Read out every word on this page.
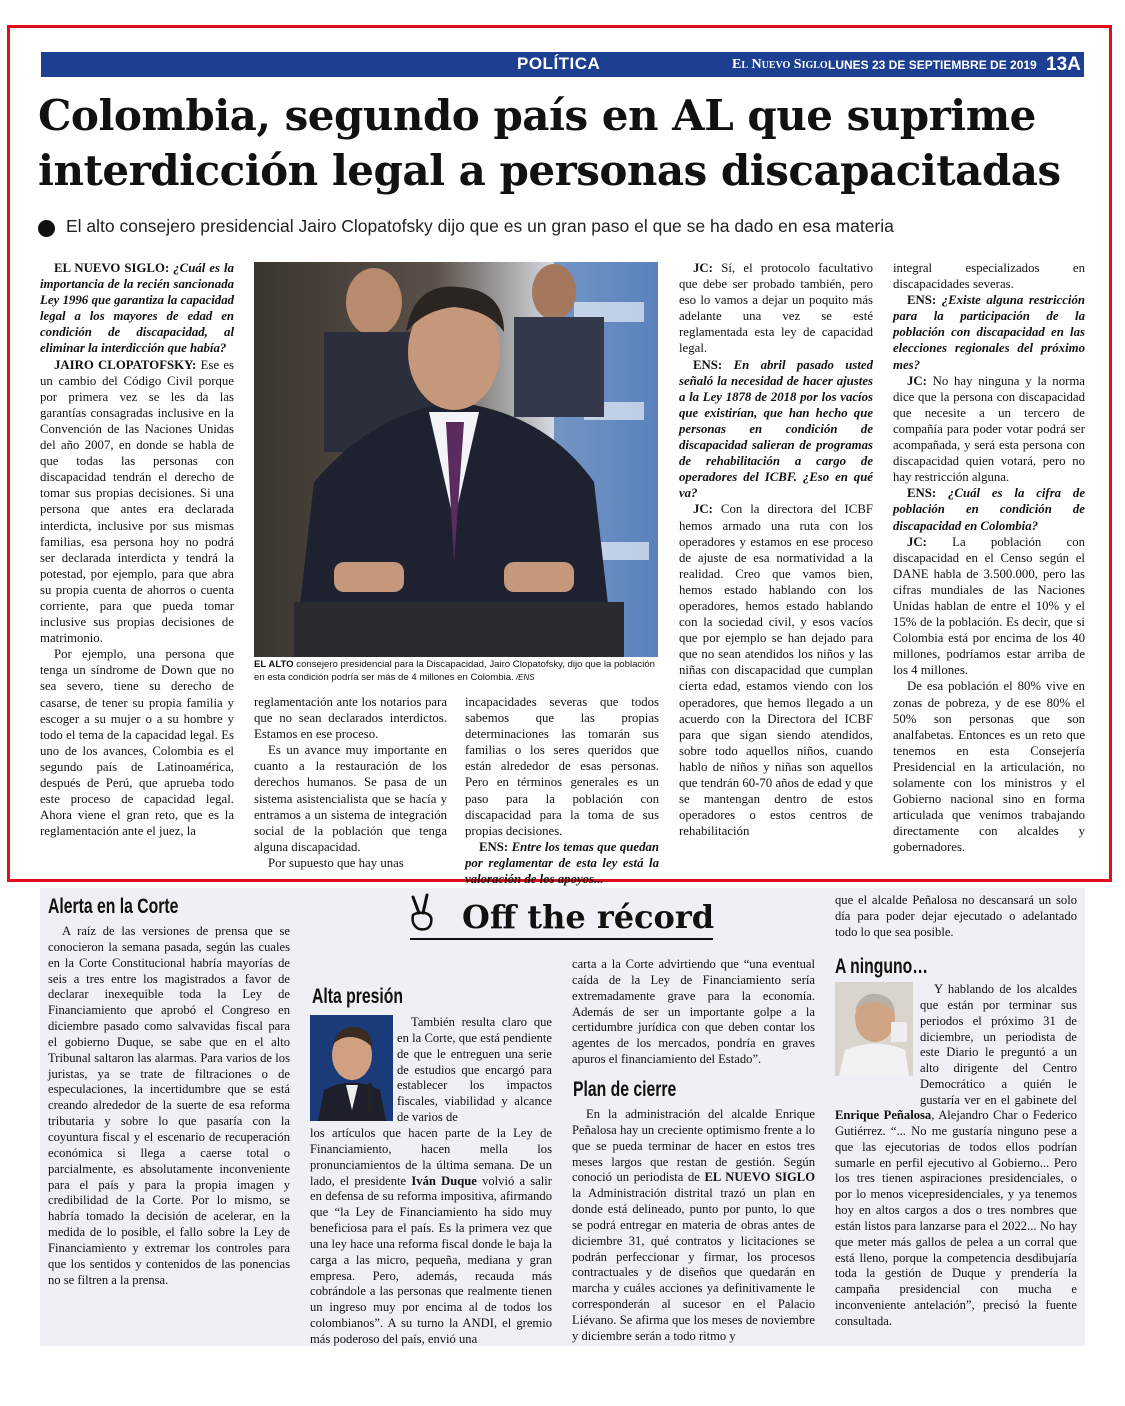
POLÍTICA	El Nuevo Siglo LUNES 23 DE SEPTIEMBRE DE 2019 13A
Colombia, segundo país en AL que suprime interdicción legal a personas discapacitadas
El alto consejero presidencial Jairo Clopatofsky dijo que es un gran paso el que se ha dado en esa materia

EL NUEVO SIGLO: ¿Cuál es la importancia de la recién sancionada Ley 1996 que garantiza la capacidad legal a los mayores de edad en condición de discapacidad, al eliminar la interdicción que había?

JAIRO CLOPATOFSKY: Ese es un cambio del Código Civil porque por primera vez se les da las garantías consagradas inclusive en la Convención de las Naciones Unidas del año 2007, en donde se habla de que todas las personas con discapacidad tendrán el derecho de tomar sus propias decisiones. Si una persona que antes era declarada interdicta, inclusive por sus mismas familias, esa persona hoy no podrá ser declarada interdicta y tendrá la potestad, por ejemplo, para que abra su propia cuenta de ahorros o cuenta corriente, para que pueda tomar inclusive sus propias decisiones de matrimonio.

Por ejemplo, una persona que tenga un síndrome de Down que no sea severo, tiene su derecho de casarse, de tener su propia familia y escoger a su mujer o a su hombre y todo el tema de la capacidad legal. Es uno de los avances, Colombia es el segundo país de Latinoamérica, después de Perú, que aprueba todo este proceso de capacidad legal. Ahora viene el gran reto, que es la reglamentación ante el juez, la

EL ALTO consejero presidencial para la Discapacidad, Jairo Clopatofsky, dijo que la población en esta condición podría ser más de 4 millones en Colombia. /ENS

reglamentación ante los notarios para que no sean declarados interdictos. Estamos en ese proceso.

Es un avance muy importante en cuanto a la restauración de los derechos humanos. Se pasa de un sistema asistencialista que se hacía y entramos a un sistema de integración social de la población que tenga alguna discapacidad.

Por supuesto que hay unas

incapacidades severas que todos sabemos que las propias determinaciones las tomarán sus familias o los seres queridos que están alrededor de esas personas. Pero en términos generales es un paso para la población con discapacidad para la toma de sus propias decisiones.

ENS: Entre los temas que quedan por reglamentar de esta ley está la valoración de los apoyos...

JC: Sí, el protocolo facultativo que debe ser probado también, pero eso lo vamos a dejar un poquito más adelante una vez se esté reglamentada esta ley de capacidad legal.

ENS: En abril pasado usted señaló la necesidad de hacer ajustes a la Ley 1878 de 2018 por los vacíos que existirían, que han hecho que personas en condición de discapacidad salieran de programas de rehabilitación a cargo de operadores del ICBF. ¿Eso en qué va?

JC: Con la directora del ICBF hemos armado una ruta con los operadores y estamos en ese proceso de ajuste de esa normatividad a la realidad. Creo que vamos bien, hemos estado hablando con los operadores, hemos estado hablando con la sociedad civil, y esos vacíos que por ejemplo se han dejado para que no sean atendidos los niños y las niñas con discapacidad que cumplan cierta edad, estamos viendo con los operadores, que hemos llegado a un acuerdo con la Directora del ICBF para que sigan siendo atendidos, sobre todo aquellos niños, cuando hablo de niños y niñas son aquellos que tendrán 60-70 años de edad y que se mantengan dentro de estos operadores o estos centros de rehabilitación

integral especializados en discapacidades severas.

ENS: ¿Existe alguna restricción para la participación de la población con discapacidad en las elecciones regionales del próximo mes?

JC: No hay ninguna y la norma dice que la persona con discapacidad que necesite a un tercero de compañía para poder votar podrá ser acompañada, y será esta persona con discapacidad quien votará, pero no hay restricción alguna.

ENS: ¿Cuál es la cifra de población en condición de discapacidad en Colombia?

JC: La población con discapacidad en el Censo según el DANE habla de 3.500.000, pero las cifras mundiales de las Naciones Unidas hablan de entre el 10% y el 15% de la población. Es decir, que si Colombia está por encima de los 40 millones, podríamos estar arriba de los 4 millones.

De esa población el 80% vive en zonas de pobreza, y de ese 80% el 50% son personas que son analfabetas. Entonces es un reto que tenemos en esta Consejería Presidencial en la articulación, no solamente con los ministros y el Gobierno nacional sino en forma articulada que venimos trabajando directamente con alcaldes y gobernadores.

Off the récord
Alerta en la Corte

A raíz de las versiones de prensa que se conocieron la semana pasada, según las cuales en la Corte Constitucional habría mayorías de seis a tres entre los magistrados a favor de declarar inexequible toda la Ley de Financiamiento que aprobó el Congreso en diciembre pasado como salvavidas fiscal para el gobierno Duque, se sabe que en el alto Tribunal saltaron las alarmas. Para varios de los juristas, ya se trate de filtraciones o de especulaciones, la incertidumbre que se está creando alrededor de la suerte de esa reforma tributaria y sobre lo que pasaría con la coyuntura fiscal y el escenario de recuperación económica si llega a caerse total o parcialmente, es absolutamente inconveniente para el país y para la propia imagen y credibilidad de la Corte. Por lo mismo, se habría tomado la decisión de acelerar, en la medida de lo posible, el fallo sobre la Ley de Financiamiento y extremar los controles para que los sentidos y contenidos de las ponencias no se filtren a la prensa.

Alta presión

También resulta claro que en la Corte, que está pendiente de que le entreguen una serie de estudios que encargó para establecer los impactos fiscales, viabilidad y alcance de varios de

los artículos que hacen parte de la Ley de Financiamiento, hacen mella los pronunciamientos de la última semana. De un lado, el presidente Iván Duque volvió a salir en defensa de su reforma impositiva, afirmando que “la Ley de Financiamiento ha sido muy beneficiosa para el país. Es la primera vez que una ley hace una reforma fiscal donde le baja la carga a las micro, pequeña, mediana y gran empresa. Pero, además, recauda más cobrándole a las personas que realmente tienen un ingreso muy por encima al de todos los colombianos”. A su turno la ANDI, el gremio más poderoso del país, envió una

carta a la Corte advirtiendo que “una eventual caída de la Ley de Financiamiento sería extremadamente grave para la economía. Además de ser un importante golpe a la certidumbre jurídica con que deben contar los agentes de los mercados, pondría en graves apuros el financiamiento del Estado”.

Plan de cierre

En la administración del alcalde Enrique Peñalosa hay un creciente optimismo frente a lo que se pueda terminar de hacer en estos tres meses largos que restan de gestión. Según conoció un periodista de EL NUEVO SIGLO la Administración distrital trazó un plan en donde está delineado, punto por punto, lo que se podrá entregar en materia de obras antes de diciembre 31, qué contratos y licitaciones se podrán perfeccionar y firmar, los procesos contractuales y de diseños que quedarán en marcha y cuáles acciones ya definitivamente le corresponderán al sucesor en el Palacio Liévano. Se afirma que los meses de noviembre y diciembre serán a todo ritmo y

que el alcalde Peñalosa no descansará un solo día para poder dejar ejecutado o adelantado todo lo que sea posible.

A ninguno…

Y hablando de los alcaldes que están por terminar sus periodos el próximo 31 de diciembre, un periodista de este Diario le preguntó a un alto dirigente del Centro Democrático a quién le gustaría ver en el gabinete del

Enrique Peñalosa, Alejandro Char o Federico Gutiérrez. “... No me gustaría ninguno pese a que las ejecutorias de todos ellos podrían sumarle en perfil ejecutivo al Gobierno... Pero los tres tienen aspiraciones presidenciales, o por lo menos vicepresidenciales, y ya tenemos hoy en altos cargos a dos o tres nombres que están listos para lanzarse para el 2022... No hay que meter más gallos de pelea a un corral que está lleno, porque la competencia desdibujaría toda la gestión de Duque y prendería la campaña presidencial con mucha e inconveniente antelación”, precisó la fuente consultada.
